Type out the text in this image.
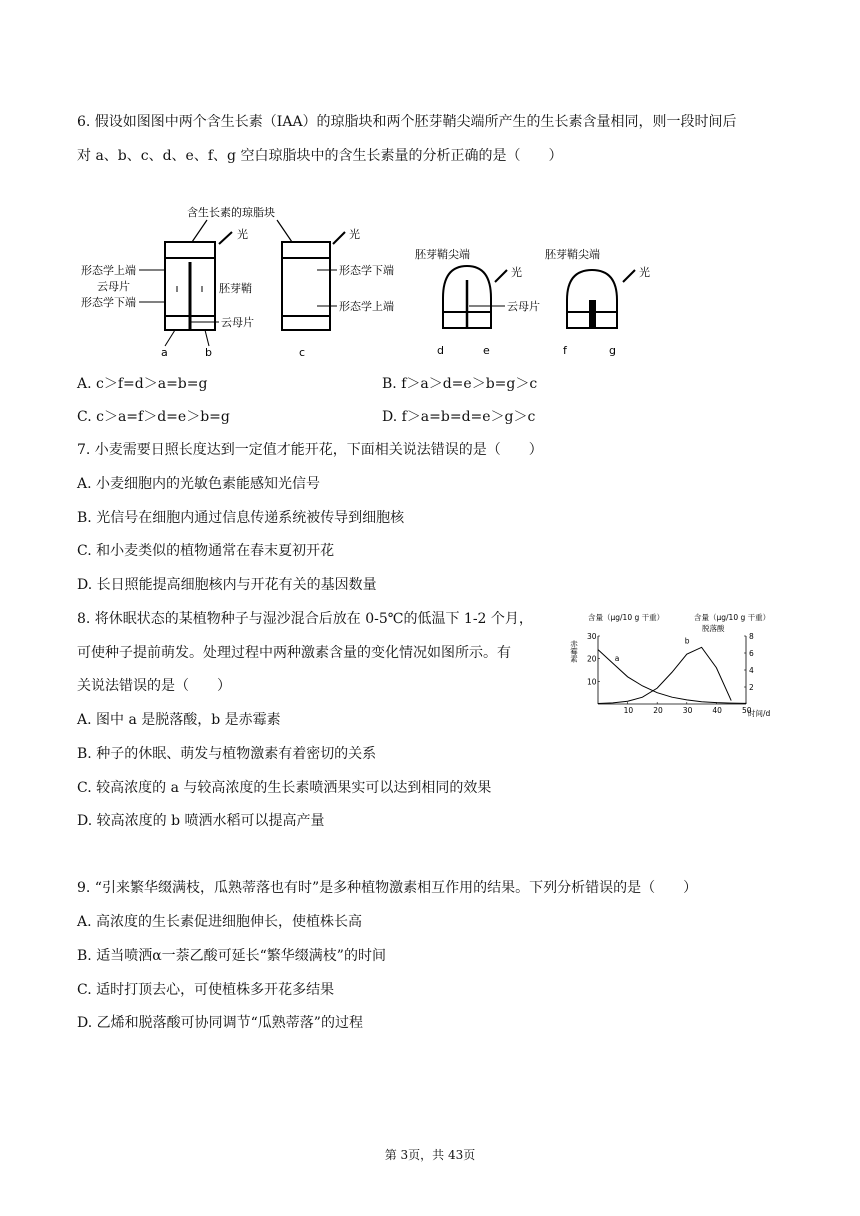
6. 假设如图图中两个含生长素（IAA）的琼脂块和两个胚芽鞘尖端所产生的生长素含量相同，则一段时间后
对 a、b、c、d、e、f、g 空白琼脂块中的含生长素量的分析正确的是（　　）
含生长素的琼脂块
光
形态学上端
云母片
形态学下端
胚芽鞘
云母片
a	b
光
形态学下端
形态学上端
c
胚芽鞘尖端
光
云母片
d	e
胚芽鞘尖端
光
f	g
A. c＞f=d＞a=b=g	B. f＞a＞d=e＞b=g＞c
C. c＞a=f＞d=e＞b=g	D. f＞a=b=d=e＞g＞c
7. 小麦需要日照长度达到一定值才能开花，下面相关说法错误的是（　　）
A. 小麦细胞内的光敏色素能感知光信号
B. 光信号在细胞内通过信息传递系统被传导到细胞核
C. 和小麦类似的植物通常在春末夏初开花
D. 长日照能提高细胞核内与开花有关的基因数量
8. 将休眠状态的某植物种子与湿沙混合后放在 0-5℃的低温下 1-2 个月，
可使种子提前萌发。处理过程中两种激素含量的变化情况如图所示。有
关说法错误的是（　　）
A. 图中 a 是脱落酸，b 是赤霉素
B. 种子的休眠、萌发与植物激素有着密切的关系
C. 较高浓度的 a 与较高浓度的生长素喷洒果实可以达到相同的效果
D. 较高浓度的 b 喷洒水稻可以提高产量
含量（μg/10 g 干重）	含量（μg/10 g 干重）
脱落酸
赤霉素
时间/d
10	20	30	40	50
10
20
30
2
4
6
8
a
b
9. “引来繁华缀满枝，瓜熟蒂落也有时”是多种植物激素相互作用的结果。下列分析错误的是（　　）
A. 高浓度的生长素促进细胞伸长，使植株长高
B. 适当喷洒α一萘乙酸可延长“繁华缀满枝”的时间
C. 适时打顶去心，可使植株多开花多结果
D. 乙烯和脱落酸可协同调节“瓜熟蒂落”的过程
第 3页，共 43页
